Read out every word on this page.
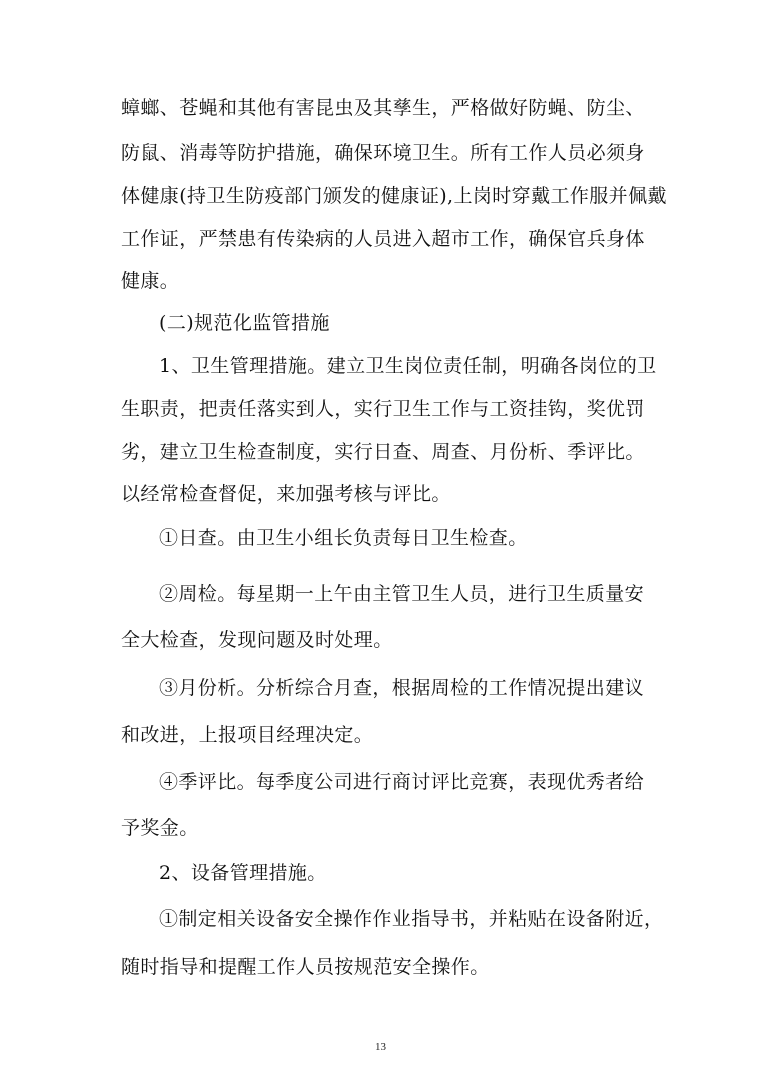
蟑螂、苍蝇和其他有害昆虫及其孳生，严格做好防蝇、防尘、
防鼠、消毒等防护措施，确保环境卫生。所有工作人员必须身
体健康(持卫生防疫部门颁发的健康证),上岗时穿戴工作服并佩戴
工作证，严禁患有传染病的人员进入超市工作，确保官兵身体
健康。
(二)规范化监管措施
1、卫生管理措施。建立卫生岗位责任制，明确各岗位的卫
生职责，把责任落实到人，实行卫生工作与工资挂钩，奖优罚
劣，建立卫生检查制度，实行日查、周查、月份析、季评比。
以经常检查督促，来加强考核与评比。
①日查。由卫生小组长负责每日卫生检查。
②周检。每星期一上午由主管卫生人员，进行卫生质量安
全大检查，发现问题及时处理。
③月份析。分析综合月查，根据周检的工作情况提出建议
和改进，上报项目经理决定。
④季评比。每季度公司进行商讨评比竞赛，表现优秀者给
予奖金。
2、设备管理措施。
①制定相关设备安全操作作业指导书，并粘贴在设备附近，
随时指导和提醒工作人员按规范安全操作。
13
